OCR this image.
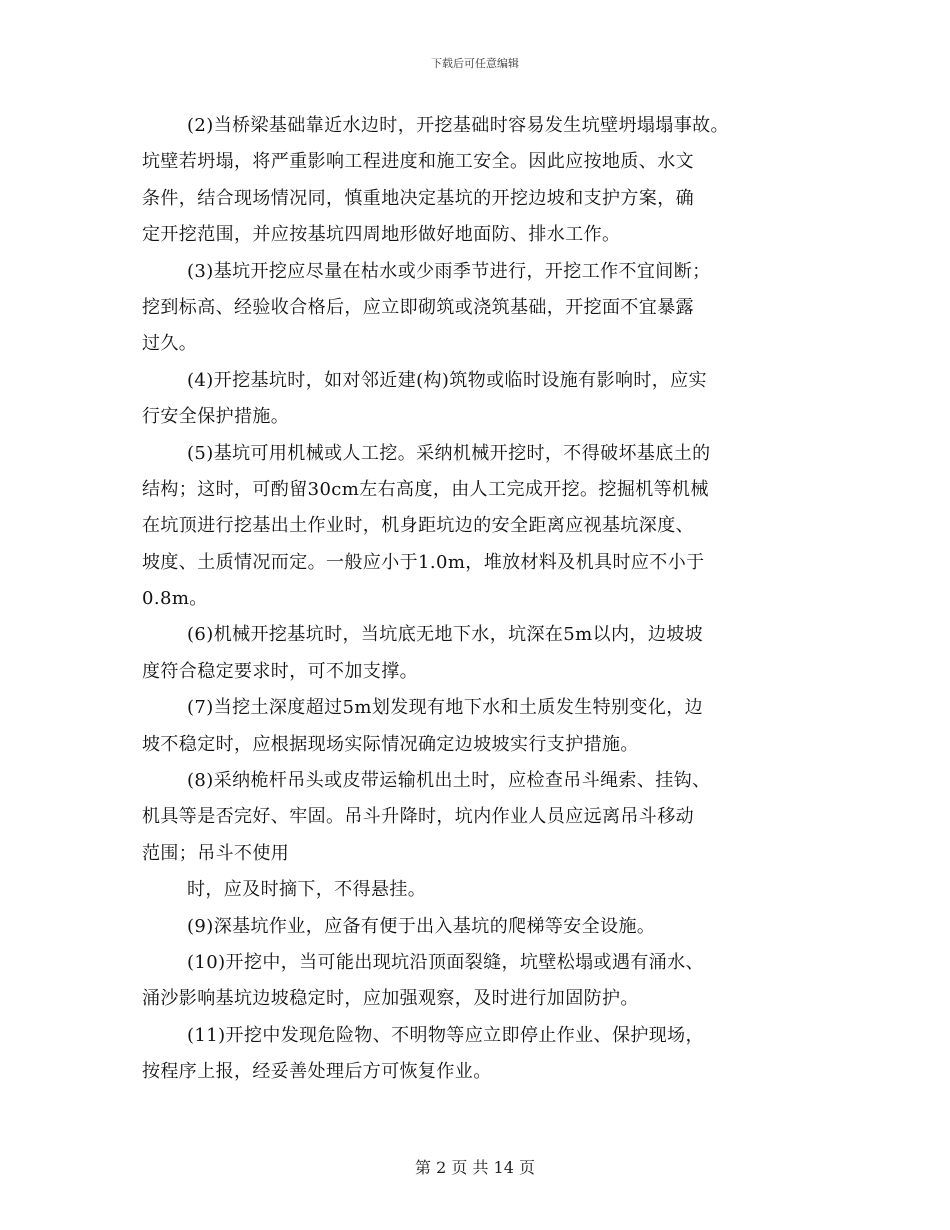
下载后可任意编辑
(2)当桥梁基础靠近水边时，开挖基础时容易发生坑壁坍塌塌事故。
坑壁若坍塌，将严重影响工程进度和施工安全。因此应按地质、水文
条件，结合现场情况同，慎重地决定基坑的开挖边坡和支护方案，确
定开挖范围，并应按基坑四周地形做好地面防、排水工作。
(3)基坑开挖应尽量在枯水或少雨季节进行，开挖工作不宜间断；
挖到标高、经验收合格后，应立即砌筑或浇筑基础，开挖面不宜暴露
过久。
(4)开挖基坑时，如对邻近建(构)筑物或临时设施有影响时，应实
行安全保护措施。
(5)基坑可用机械或人工挖。采纳机械开挖时，不得破坏基底土的
结构；这时，可酌留30cm左右高度，由人工完成开挖。挖掘机等机械
在坑顶进行挖基出土作业时，机身距坑边的安全距离应视基坑深度、
坡度、土质情况而定。一般应小于1.0m，堆放材料及机具时应不小于
0.8m。
(6)机械开挖基坑时，当坑底无地下水，坑深在5m以内，边坡坡
度符合稳定要求时，可不加支撑。
(7)当挖土深度超过5m划发现有地下水和土质发生特别变化，边
坡不稳定时，应根据现场实际情况确定边坡坡实行支护措施。
(8)采纳桅杆吊头或皮带运输机出土时，应检查吊斗绳索、挂钩、
机具等是否完好、牢固。吊斗升降时，坑内作业人员应远离吊斗移动
范围；吊斗不使用
时，应及时摘下，不得悬挂。
(9)深基坑作业，应备有便于出入基坑的爬梯等安全设施。
(10)开挖中，当可能出现坑沿顶面裂缝，坑壁松塌或遇有涌水、
涌沙影响基坑边坡稳定时，应加强观察，及时进行加固防护。
(11)开挖中发现危险物、不明物等应立即停止作业、保护现场，
按程序上报，经妥善处理后方可恢复作业。
第 2 页 共 14 页
